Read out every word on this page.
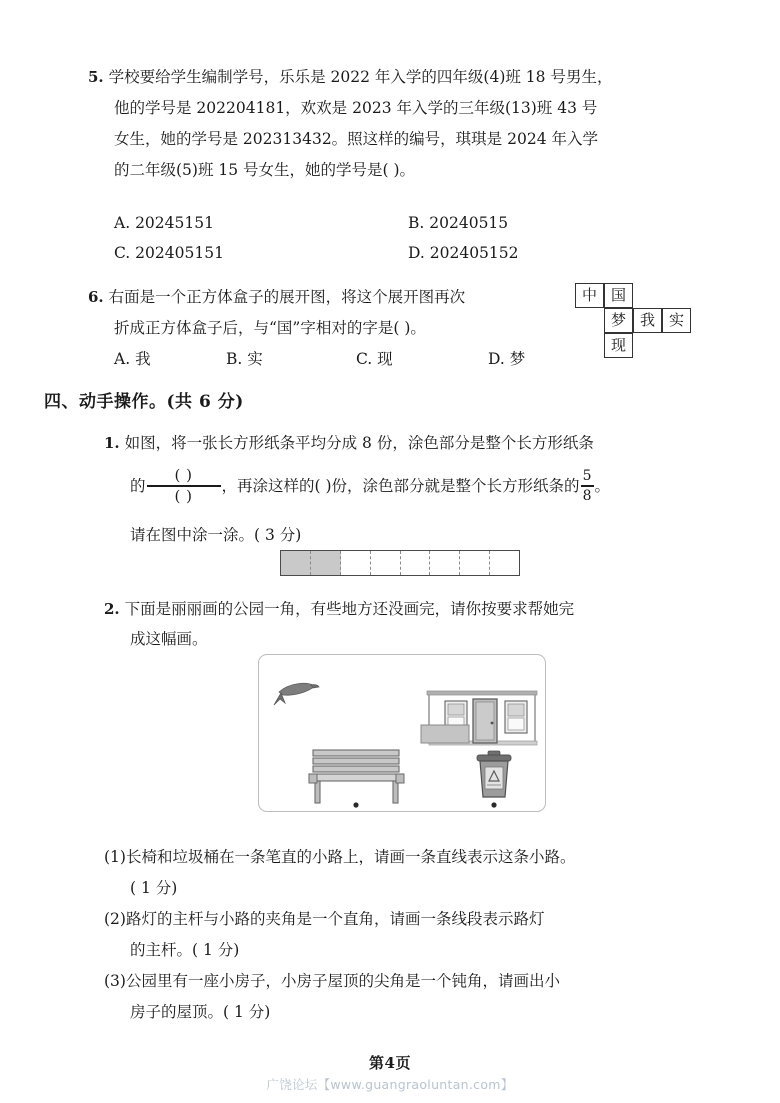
5. 学校要给学生编制学号，乐乐是 2022 年入学的四年级(4)班 18 号男生，
他的学号是 202204181，欢欢是 2023 年入学的三年级(13)班 43 号
女生，她的学号是 202313432。照这样的编号，琪琪是 2024 年入学
的二年级(5)班 15 号女生，她的学号是( )。
A. 20245151	B. 20240515
C. 202405151	D. 202405152
6. 右面是一个正方体盒子的展开图，将这个展开图再次
折成正方体盒子后，与“国”字相对的字是( )。
A. 我	B. 实	C. 现	D. 梦
中 国
梦 我 实
现
四、动手操作。(共 6 分)
1. 如图，将一张长方形纸条平均分成 8 份，涂色部分是整个长方形纸条
的 $\frac{( )}{( )}$ ，再涂这样的( )份，涂色部分就是整个长方形纸条的 $\frac{5}{8}$ 。
请在图中涂一涂。( 3 分)
2. 下面是丽丽画的公园一角，有些地方还没画完，请你按要求帮她完
成这幅画。
(1)长椅和垃圾桶在一条笔直的小路上，请画一条直线表示这条小路。
( 1 分)
(2)路灯的主杆与小路的夹角是一个直角，请画一条线段表示路灯
的主杆。( 1 分)
(3)公园里有一座小房子，小房子屋顶的尖角是一个钝角，请画出小
房子的屋顶。( 1 分)
第4页
广饶论坛【www.guangraoluntan.com】
